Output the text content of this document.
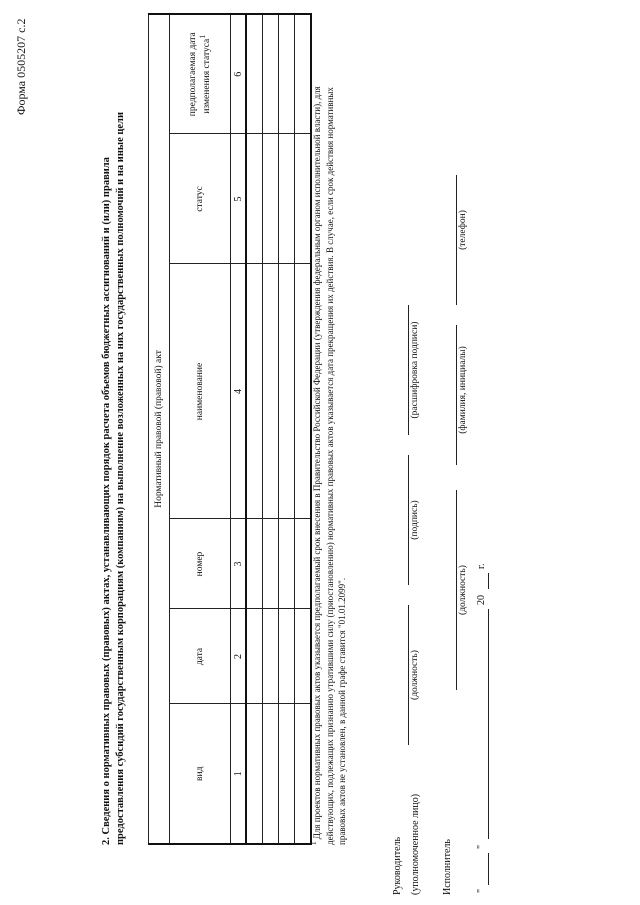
Форма 0505207 с.2
2. Сведения о нормативных правовых (правовых) актах, устанавливающих порядок расчета объемов бюджетных ассигнований и (или) правила предоставления субсидий государственным корпорациям (компаниям) на выполнение возложенных на них государственных полномочий и на иные цели	Нормативный правовой (правовой) акт					
вид	дата	номер	наименование	статус	предполагаемая дата изменения статуса$^1$
1	2	3	4	5	6

$^1$ Для проектов нормативных правовых актов указывается предполагаемый срок внесения в Правительство Российской Федерации (утверждения федеральным органом исполнительной власти), для действующих, подлежащих признанию утратившими силу (приостановлению) нормативных правовых актов указывается дата прекращения их действия. В случае, если срок действия нормативных правовых актов не установлен, в данной графе ставится "01.01.2099".
Руководитель (уполномоченное лицо)
(должность)
(подпись)
(расшифровка подписи)
Исполнитель
(должность)
(фамилия, инициалы)
(телефон)
"
"
20
г.
